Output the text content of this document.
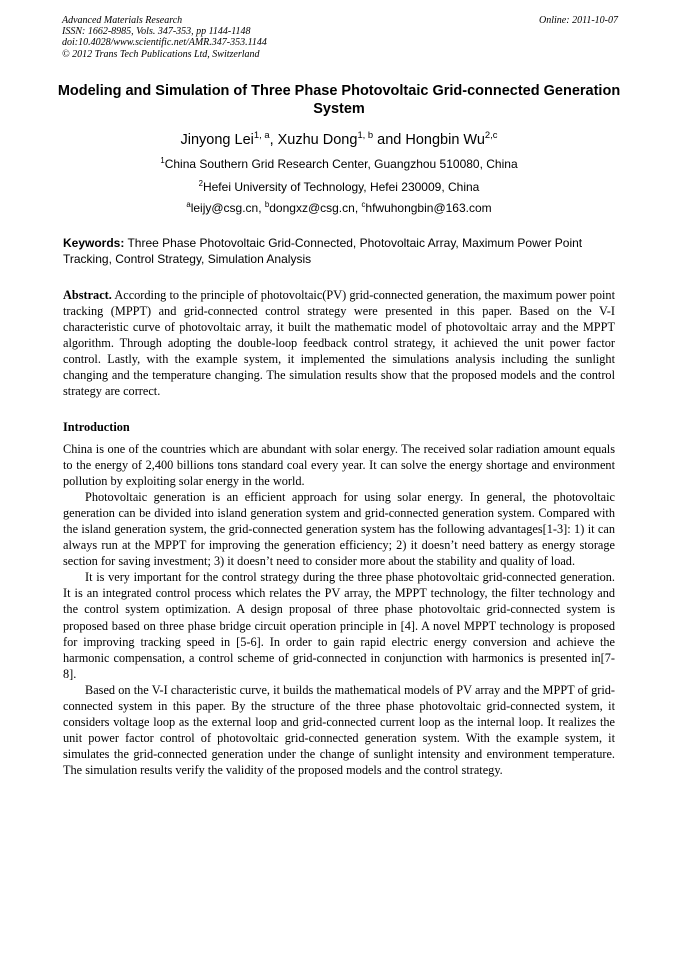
Advanced Materials Research
ISSN: 1662-8985, Vols. 347-353, pp 1144-1148
doi:10.4028/www.scientific.net/AMR.347-353.1144
© 2012 Trans Tech Publications Ltd, Switzerland
Online: 2011-10-07
Modeling and Simulation of Three Phase Photovoltaic Grid-connected Generation System
Jinyong Lei$^{1, a}$, Xuzhu Dong$^{1, b}$ and Hongbin Wu$^{2,c}$
$^1$China Southern Grid Research Center, Guangzhou 510080, China
$^2$Hefei University of Technology, Hefei 230009, China
$^a$leijy@csg.cn, $^b$dongxz@csg.cn, $^c$hfwuhongbin@163.com
Keywords: Three Phase Photovoltaic Grid-Connected, Photovoltaic Array, Maximum Power Point Tracking, Control Strategy, Simulation Analysis
Abstract. According to the principle of photovoltaic(PV) grid-connected generation, the maximum power point tracking (MPPT) and grid-connected control strategy were presented in this paper. Based on the V-I characteristic curve of photovoltaic array, it built the mathematic model of photovoltaic array and the MPPT algorithm. Through adopting the double-loop feedback control strategy, it achieved the unit power factor control. Lastly, with the example system, it implemented the simulations analysis including the sunlight changing and the temperature changing. The simulation results show that the proposed models and the control strategy are correct.
Introduction

China is one of the countries which are abundant with solar energy. The received solar radiation amount equals to the energy of 2,400 billions tons standard coal every year. It can solve the energy shortage and environment pollution by exploiting solar energy in the world.

Photovoltaic generation is an efficient approach for using solar energy. In general, the photovoltaic generation can be divided into island generation system and grid-connected generation system. Compared with the island generation system, the grid-connected generation system has the following advantages[1-3]: 1) it can always run at the MPPT for improving the generation efficiency; 2) it doesn’t need battery as energy storage section for saving investment; 3) it doesn’t need to consider more about the stability and quality of load.

It is very important for the control strategy during the three phase photovoltaic grid-connected generation. It is an integrated control process which relates the PV array, the MPPT technology, the filter technology and the control system optimization. A design proposal of three phase photovoltaic grid-connected system is proposed based on three phase bridge circuit operation principle in [4]. A novel MPPT technology is proposed for improving tracking speed in [5-6]. In order to gain rapid electric energy conversion and achieve the harmonic compensation, a control scheme of grid-connected in conjunction with harmonics is presented in[7-8].

Based on the V-I characteristic curve, it builds the mathematical models of PV array and the MPPT of grid-connected system in this paper. By the structure of the three phase photovoltaic grid-connected system, it considers voltage loop as the external loop and grid-connected current loop as the internal loop. It realizes the unit power factor control of photovoltaic grid-connected generation system. With the example system, it simulates the grid-connected generation under the change of sunlight intensity and environment temperature. The simulation results verify the validity of the proposed models and the control strategy.
